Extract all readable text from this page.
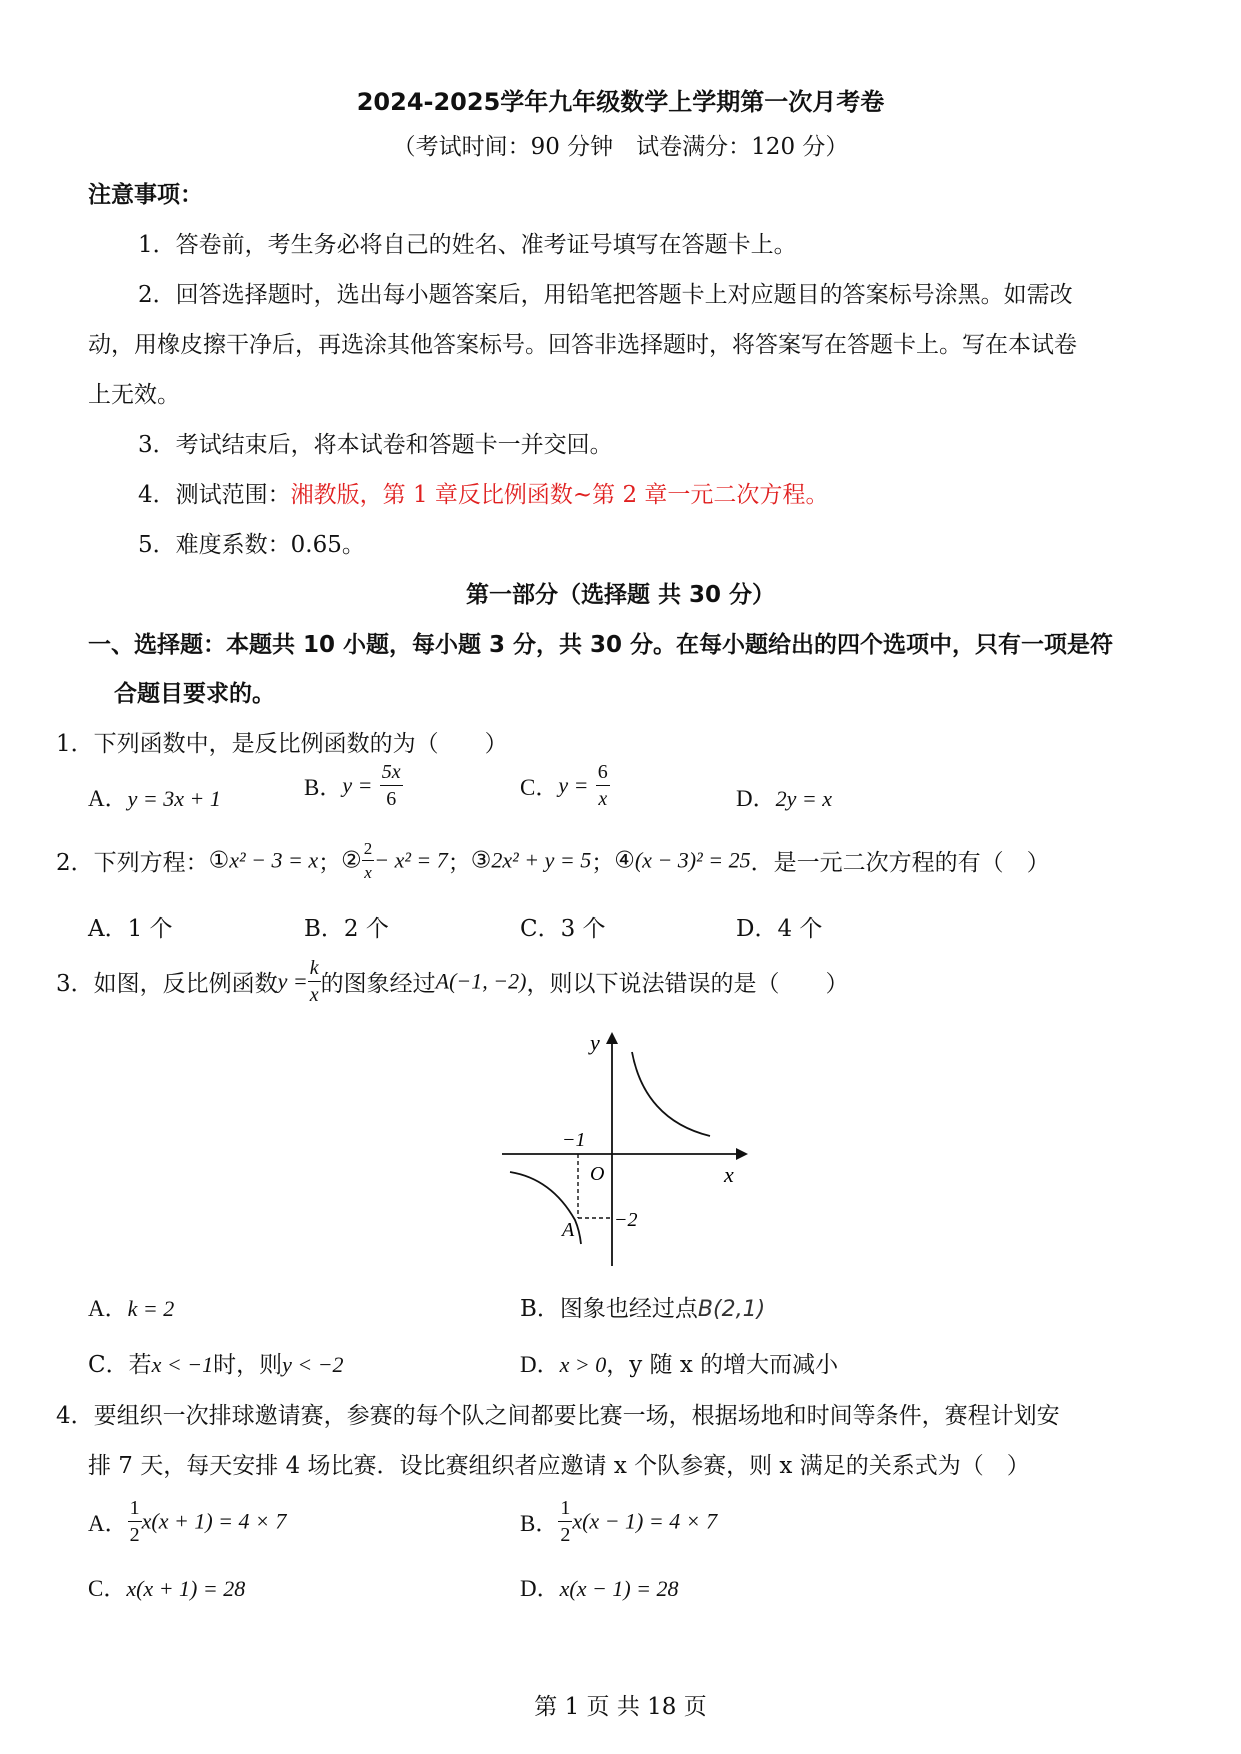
2024-2025学年九年级数学上学期第一次月考卷
（考试时间：90 分钟　试卷满分：120 分）
注意事项：
1．答卷前，考生务必将自己的姓名、准考证号填写在答题卡上。
2．回答选择题时，选出每小题答案后，用铅笔把答题卡上对应题目的答案标号涂黑。如需改
动，用橡皮擦干净后，再选涂其他答案标号。回答非选择题时，将答案写在答题卡上。写在本试卷
上无效。
3．考试结束后，将本试卷和答题卡一并交回。
4．测试范围：湘教版，第 1 章反比例函数~第 2 章一元二次方程。
5．难度系数：0.65。
第一部分（选择题 共 30 分）
一、选择题：本题共 10 小题，每小题 3 分，共 30 分。在每小题给出的四个选项中，只有一项是符
合题目要求的。
1．下列函数中，是反比例函数的为（　　）
A．y = 3x + 1	B．$y = \frac{5x}{6}$	C．$y = \frac{6}{x}$	D．2y = x
2．下列方程：①x² − 3 = x；② $\frac{2}{x} - x^2 = 7$；③2x² + y = 5；④(x − 3)² = 25．是一元二次方程的有（　）
A．1 个	B．2 个	C．3 个	D．4 个
3．如图，反比例函数$y = \frac{k}{x}$ 的图象经过A(−1, −2)，则以下说法错误的是（　　）
y
x
O
−1
−2
A
A．k = 2	B．图象也经过点B(2,1)
C．若x < −1时，则y < −2	D．x > 0，y 随 x 的增大而减小
4．要组织一次排球邀请赛，参赛的每个队之间都要比赛一场，根据场地和时间等条件，赛程计划安
排 7 天，每天安排 4 场比赛．设比赛组织者应邀请 x 个队参赛，则 x 满足的关系式为（　）
A． $\frac{1}{2} x(x + 1) = 4 \times 7$	B． $\frac{1}{2} x(x - 1) = 4 \times 7$
C．x(x + 1) = 28	D．x(x − 1) = 28
第 1 页 共 18 页
